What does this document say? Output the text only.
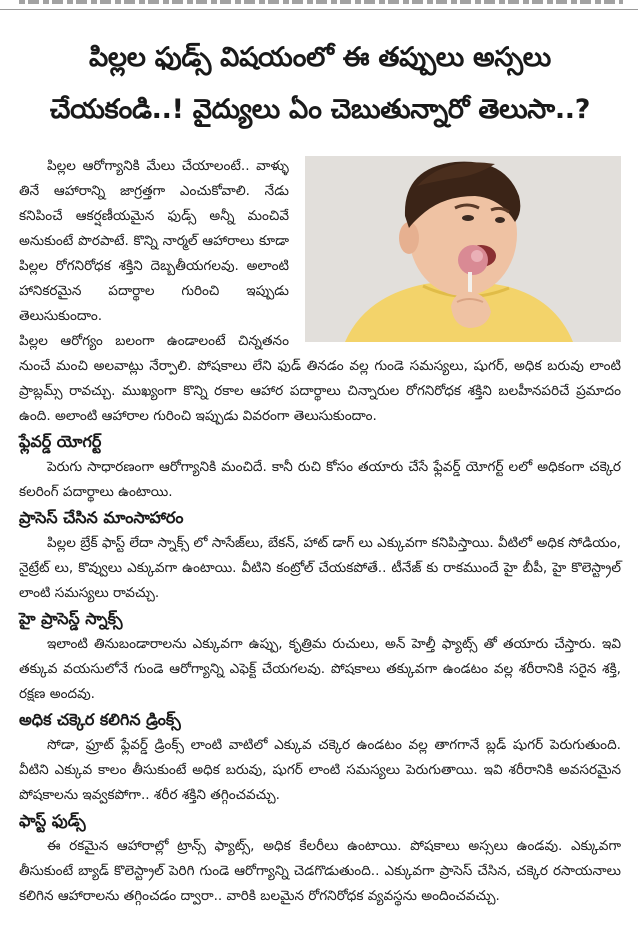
పిల్లల ఫుడ్స్ విషయంలో ఈ తప్పులు అస్సలు
చేయకండి..! వైద్యులు ఏం చెబుతున్నారో తెలుసా..?

పిల్లల ఆరోగ్యానికి మేలు చేయాలంటే.. వాళ్ళు తినే ఆహారాన్ని జాగ్రత్తగా ఎంచుకోవాలి. నేడు కనిపించే ఆకర్షణీయమైన ఫుడ్స్ అన్నీ మంచివే అనుకుంటే పొరపాటే. కొన్ని నార్మల్ ఆహారాలు కూడా పిల్లల రోగనిరోధక శక్తిని దెబ్బతీయగలవు. అలాంటి హానికరమైన పదార్థాల గురించి ఇప్పుడు తెలుసుకుందాం.

పిల్లల ఆరోగ్యం బలంగా ఉండాలంటే చిన్నతనం నుంచే మంచి అలవాట్లు నేర్పాలి. పోషకాలు లేని ఫుడ్ తినడం వల్ల గుండె సమస్యలు, షుగర్, అధిక బరువు లాంటి ప్రాబ్లమ్స్ రావచ్చు. ముఖ్యంగా కొన్ని రకాల ఆహార పదార్థాలు చిన్నారుల రోగనిరోధక శక్తిని బలహీనపరిచే ప్రమాదం ఉంది. అలాంటి ఆహారాల గురించి ఇప్పుడు వివరంగా తెలుసుకుందాం.

ఫ్లేవర్డ్ యోగర్ట్

పెరుగు సాధారణంగా ఆరోగ్యానికి మంచిదే. కానీ రుచి కోసం తయారు చేసే ఫ్లేవర్డ్ యోగర్ట్ లలో అధికంగా చక్కెర కలరింగ్ పదార్థాలు ఉంటాయి.

ప్రాసెస్ చేసిన మాంసాహారం

పిల్లల బ్రేక్ ఫాస్ట్ లేదా స్నాక్స్ లో సాసేజ్‌లు, బేకన్, హాట్ డాగ్ లు ఎక్కువగా కనిపిస్తాయి. వీటిలో అధిక సోడియం, నైట్రేట్ లు, కొవ్వులు ఎక్కువగా ఉంటాయి. వీటిని కంట్రోల్ చేయకపోతే.. టీనేజ్ కు రాకముందే హై బీపీ, హై కొలెస్ట్రాల్ లాంటి సమస్యలు రావచ్చు.

హై ప్రాసెస్డ్ స్నాక్స్

ఇలాంటి తినుబండారాలను ఎక్కువగా ఉప్పు, కృత్రిమ రుచులు, అన్ హెల్తీ ఫ్యాట్స్ తో తయారు చేస్తారు. ఇవి తక్కువ వయసులోనే గుండె ఆరోగ్యాన్ని ఎఫెక్ట్ చేయగలవు. పోషకాలు తక్కువగా ఉండటం వల్ల శరీరానికి సరైన శక్తి, రక్షణ అందవు.

అధిక చక్కెర కలిగిన డ్రింక్స్

సోడా, ఫ్రూట్ ఫ్లేవర్డ్ డ్రింక్స్ లాంటి వాటిలో ఎక్కువ చక్కెర ఉండటం వల్ల తాగగానే బ్లడ్ షుగర్ పెరుగుతుంది. వీటిని ఎక్కువ కాలం తీసుకుంటే అధిక బరువు, షుగర్ లాంటి సమస్యలు పెరుగుతాయి. ఇవి శరీరానికి అవసరమైన పోషకాలను ఇవ్వకపోగా.. శరీర శక్తిని తగ్గించవచ్చు.

ఫాస్ట్ ఫుడ్స్

ఈ రకమైన ఆహారాల్లో ట్రాన్స్ ఫ్యాట్స్, అధిక కేలరీలు ఉంటాయి. పోషకాలు అస్సలు ఉండవు. ఎక్కువగా తీసుకుంటే బ్యాడ్ కొలెస్ట్రాల్ పెరిగి గుండె ఆరోగ్యాన్ని చెడగొడుతుంది.. ఎక్కువగా ప్రాసెస్ చేసిన, చక్కెర రసాయనాలు కలిగిన ఆహారాలను తగ్గించడం ద్వారా.. వారికి బలమైన రోగనిరోధక వ్యవస్థను అందించవచ్చు.
